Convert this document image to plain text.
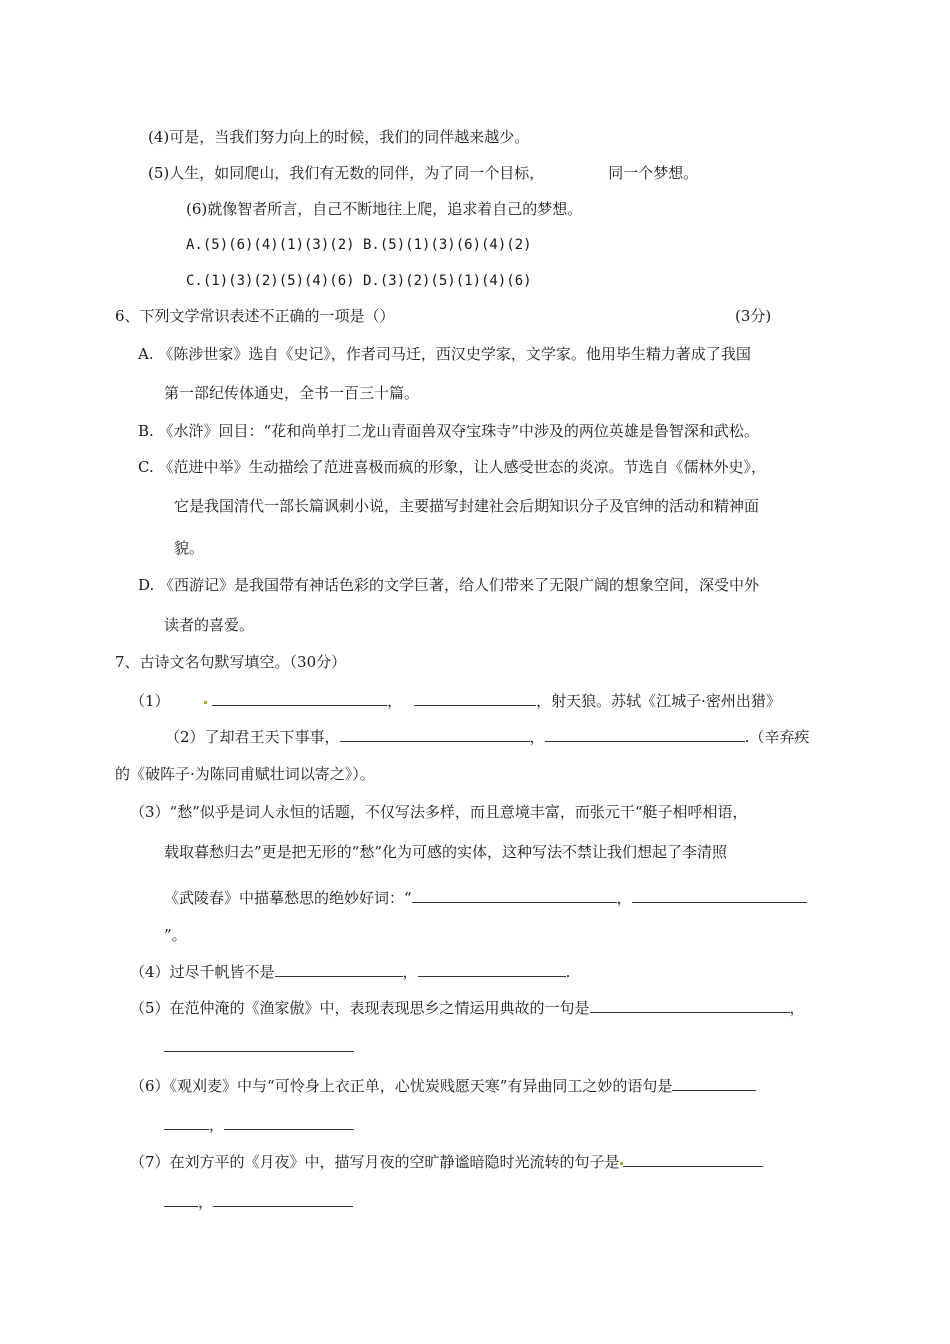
(4)可是，当我们努力向上的时候，我们的同伴越来越少。
(5)人生，如同爬山，我们有无数的同伴，为了同一个目标，	同一个梦想。
(6)就像智者所言，自己不断地往上爬，追求着自己的梦想。
A.(5)(6)(4)(1)(3)(2) B.(5)(1)(3)(6)(4)(2)
C.(1)(3)(2)(5)(4)(6) D.(3)(2)(5)(1)(4)(6)
6、下列文学常识表述不正确的一项是（）	(3分)
A. 《陈涉世家》选自《史记》，作者司马迁，西汉史学家，文学家。他用毕生精力著成了我国
第一部纪传体通史，全书一百三十篇。
B. 《水浒》回目：“花和尚单打二龙山青面兽双夺宝珠寺”中涉及的两位英雄是鲁智深和武松。
C. 《范进中举》生动描绘了范进喜极而疯的形象，让人感受世态的炎凉。节选自《儒林外史》，
它是我国清代一部长篇讽刺小说，主要描写封建社会后期知识分子及官绅的活动和精神面
貌。
D. 《西游记》是我国带有神话色彩的文学巨著，给人们带来了无限广阔的想象空间，深受中外
读者的喜爱。
7、古诗文名句默写填空。（30分）
（1）	，	，射天狼。苏轼《江城子·密州出猎》
（2）了却君王天下事事，	，	.（辛弃疾
的《破阵子·为陈同甫赋壮词以寄之》）。
（3）“愁”似乎是词人永恒的话题，不仅写法多样，而且意境丰富，而张元干“艇子相呼相语，
载取暮愁归去”更是把无形的“愁”化为可感的实体，这种写法不禁让我们想起了李清照
《武陵春》中描摹愁思的绝妙好词：“	，
”。
（4）过尽千帆皆不是	，	.
（5）在范仲淹的《渔家傲》中，表现表现思乡之情运用典故的一句是	，
（6）《观刈麦》中与“可怜身上衣正单，心忧炭贱愿天寒”有异曲同工之妙的语句是
，
（7）在刘方平的《月夜》中，描写月夜的空旷静谧暗隐时光流转的句子是
，
